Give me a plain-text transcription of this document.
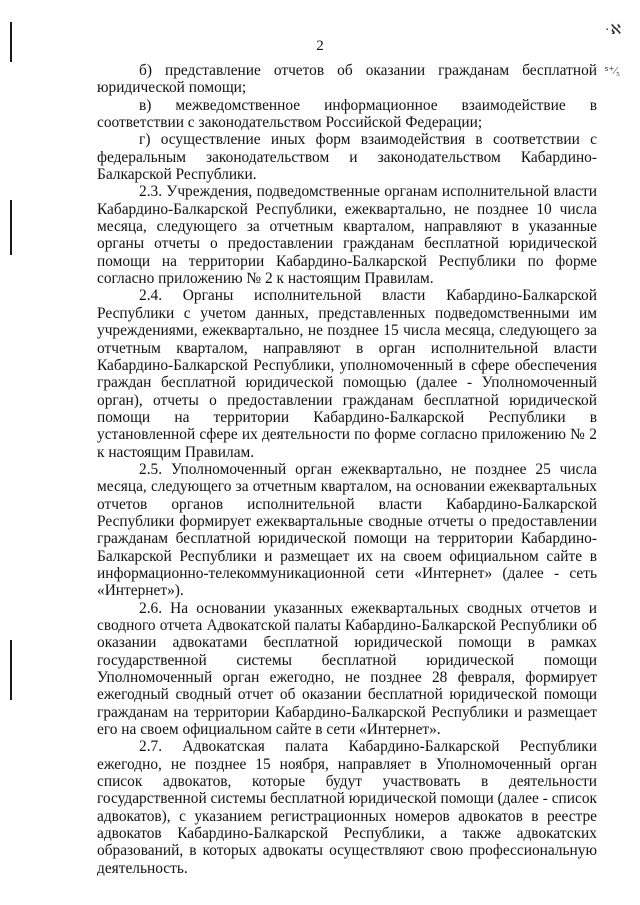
·ℵ
⁵⁺⁄₅
2

б) представление отчетов об оказании гражданам бесплатной юридической помощи;

в) межведомственное информационное взаимодействие в соответствии с законодательством Российской Федерации;

г) осуществление иных форм взаимодействия в соответствии с федеральным законодательством и законодательством Кабардино-Балкарской Республики.

2.3. Учреждения, подведомственные органам исполнительной власти Кабардино-Балкарской Республики, ежеквартально, не позднее 10 числа месяца, следующего за отчетным кварталом, направляют в указанные органы отчеты о предоставлении гражданам бесплатной юридической помощи на территории Кабардино-Балкарской Республики по форме согласно приложению № 2 к настоящим Правилам.

2.4. Органы исполнительной власти Кабардино-Балкарской Республики с учетом данных, представленных подведомственными им учреждениями, ежеквартально, не позднее 15 числа месяца, следующего за отчетным кварталом, направляют в орган исполнительной власти Кабардино-Балкарской Республики, уполномоченный в сфере обеспечения граждан бесплатной юридической помощью (далее - Уполномоченный орган), отчеты о предоставлении гражданам бесплатной юридической помощи на территории Кабардино-Балкарской Республики в установленной сфере их деятельности по форме согласно приложению № 2 к настоящим Правилам.

2.5. Уполномоченный орган ежеквартально, не позднее 25 числа месяца, следующего за отчетным кварталом, на основании ежеквартальных отчетов органов исполнительной власти Кабардино-Балкарской Республики формирует ежеквартальные сводные отчеты о предоставлении гражданам бесплатной юридической помощи на территории Кабардино-Балкарской Республики и размещает их на своем официальном сайте в информационно-телекоммуникационной сети «Интернет» (далее - сеть «Интернет»).

2.6. На основании указанных ежеквартальных сводных отчетов и сводного отчета Адвокатской палаты Кабардино-Балкарской Республики об оказании адвокатами бесплатной юридической помощи в рамках государственной системы бесплатной юридической помощи Уполномоченный орган ежегодно, не позднее 28 февраля, формирует ежегодный сводный отчет об оказании бесплатной юридической помощи гражданам на территории Кабардино-Балкарской Республики и размещает его на своем официальном сайте в сети «Интернет».

2.7. Адвокатская палата Кабардино-Балкарской Республики ежегодно, не позднее 15 ноября, направляет в Уполномоченный орган список адвокатов, которые будут участвовать в деятельности государственной системы бесплатной юридической помощи (далее - список адвокатов), с указанием регистрационных номеров адвокатов в реестре адвокатов Кабардино-Балкарской Республики, а также адвокатских образований, в которых адвокаты осуществляют свою профессиональную деятельность.
